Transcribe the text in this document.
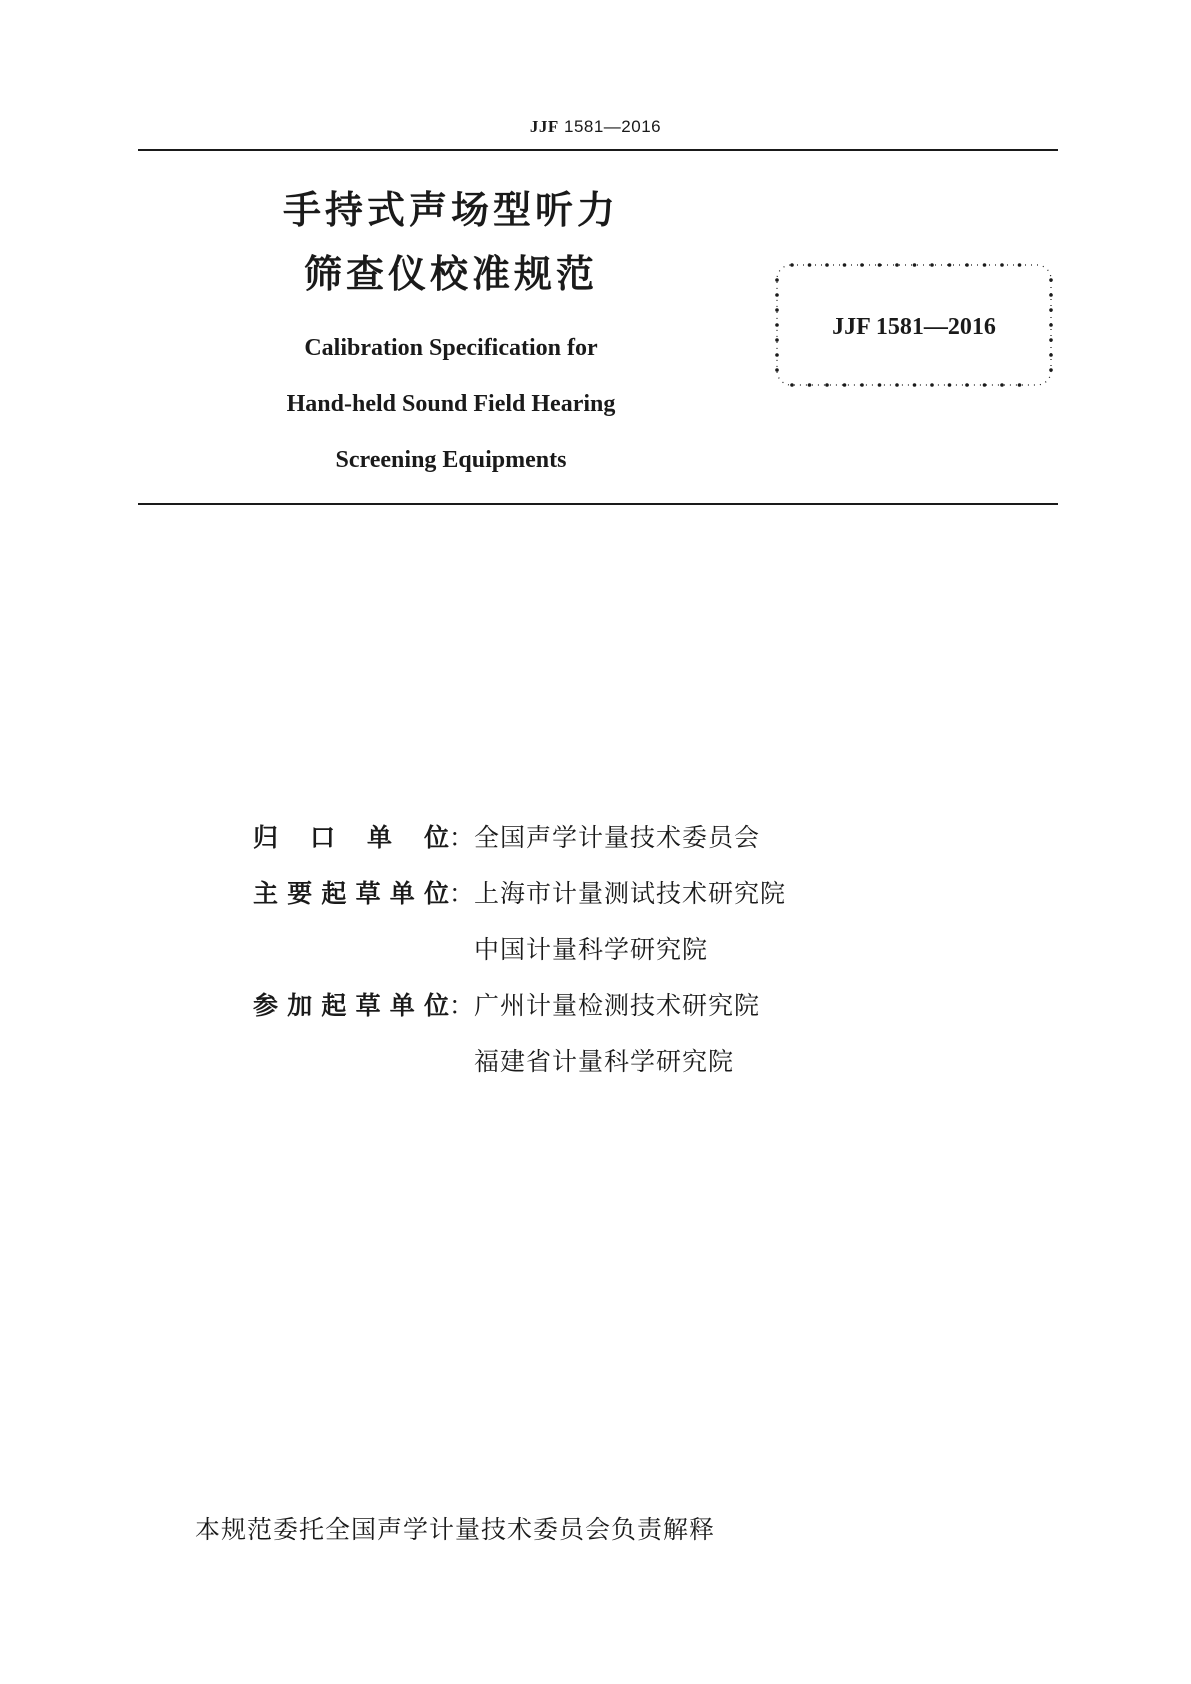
JJF 1581—2016

手持式声场型听力

筛查仪校准规范

Calibration Specification for

Hand-held Sound Field Hearing

Screening Equipments

JJF 1581—2016
归 口 单 位 ： 全国声学计量技术委员会
主 要 起 草 单 位 ： 上海市计量测试技术研究院

中国计量科学研究院
参 加 起 草 单 位 ： 广州计量检测技术研究院

福建省计量科学研究院
本规范委托全国声学计量技术委员会负责解释
